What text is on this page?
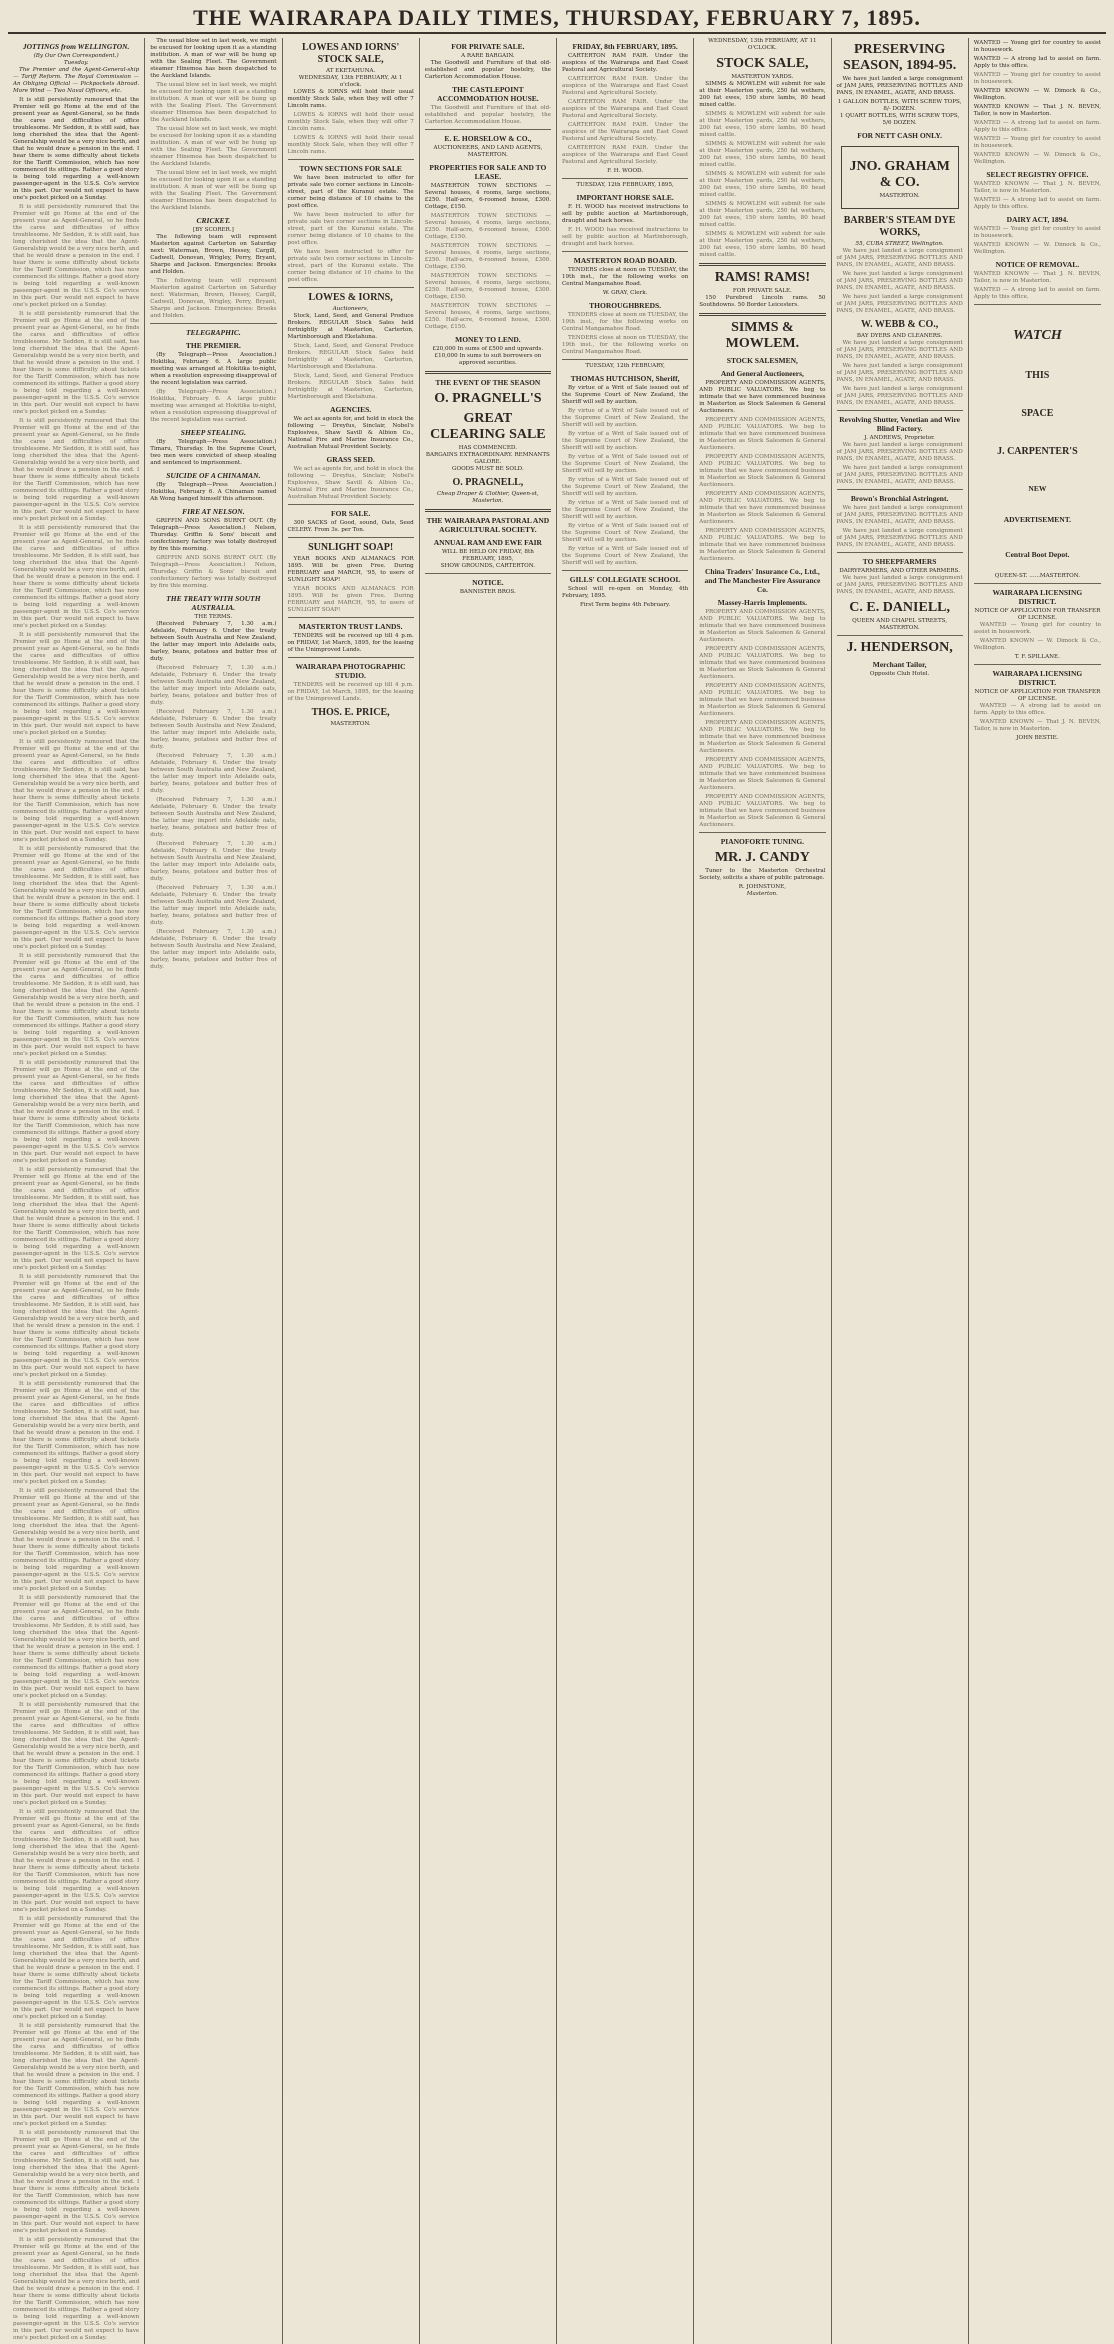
THE WAIRARAPA DAILY TIMES, THURSDAY, FEBRUARY 7, 1895.
JOTTINGS from WELLINGTON.
(By Our Own Correspondent.)
Tuesday.

The Premier and the Agent-General-ship — Tariff Reform. The Royal Commission — An Obliging Official — Pickpockets Abroad. More Wind — Two Naval Officers, etc.

It is still persistently rumoured that the Premier will go Home at the end of the present year as Agent-General, so he finds the cares and difficulties of office troublesome. Mr Seddon, it is still said, has long cherished the idea that the Agent-Generalship would be a very nice berth, and that he would draw a pension in the end. I hear there is some difficulty about tickets for the Tariff Commission, which has now commenced its sittings. Rather a good story is being told regarding a well-known passenger-agent in the U.S.S. Co's service in this part. Our would not expect to have one's pocket picked on a Sunday.

It is still persistently rumoured that the Premier will go Home at the end of the present year as Agent-General, so he finds the cares and difficulties of office troublesome. Mr Seddon, it is still said, has long cherished the idea that the Agent-Generalship would be a very nice berth, and that he would draw a pension in the end. I hear there is some difficulty about tickets for the Tariff Commission, which has now commenced its sittings. Rather a good story is being told regarding a well-known passenger-agent in the U.S.S. Co's service in this part. Our would not expect to have one's pocket picked on a Sunday.

It is still persistently rumoured that the Premier will go Home at the end of the present year as Agent-General, so he finds the cares and difficulties of office troublesome. Mr Seddon, it is still said, has long cherished the idea that the Agent-Generalship would be a very nice berth, and that he would draw a pension in the end. I hear there is some difficulty about tickets for the Tariff Commission, which has now commenced its sittings. Rather a good story is being told regarding a well-known passenger-agent in the U.S.S. Co's service in this part. Our would not expect to have one's pocket picked on a Sunday.

It is still persistently rumoured that the Premier will go Home at the end of the present year as Agent-General, so he finds the cares and difficulties of office troublesome. Mr Seddon, it is still said, has long cherished the idea that the Agent-Generalship would be a very nice berth, and that he would draw a pension in the end. I hear there is some difficulty about tickets for the Tariff Commission, which has now commenced its sittings. Rather a good story is being told regarding a well-known passenger-agent in the U.S.S. Co's service in this part. Our would not expect to have one's pocket picked on a Sunday.

It is still persistently rumoured that the Premier will go Home at the end of the present year as Agent-General, so he finds the cares and difficulties of office troublesome. Mr Seddon, it is still said, has long cherished the idea that the Agent-Generalship would be a very nice berth, and that he would draw a pension in the end. I hear there is some difficulty about tickets for the Tariff Commission, which has now commenced its sittings. Rather a good story is being told regarding a well-known passenger-agent in the U.S.S. Co's service in this part. Our would not expect to have one's pocket picked on a Sunday.

It is still persistently rumoured that the Premier will go Home at the end of the present year as Agent-General, so he finds the cares and difficulties of office troublesome. Mr Seddon, it is still said, has long cherished the idea that the Agent-Generalship would be a very nice berth, and that he would draw a pension in the end. I hear there is some difficulty about tickets for the Tariff Commission, which has now commenced its sittings. Rather a good story is being told regarding a well-known passenger-agent in the U.S.S. Co's service in this part. Our would not expect to have one's pocket picked on a Sunday.

It is still persistently rumoured that the Premier will go Home at the end of the present year as Agent-General, so he finds the cares and difficulties of office troublesome. Mr Seddon, it is still said, has long cherished the idea that the Agent-Generalship would be a very nice berth, and that he would draw a pension in the end. I hear there is some difficulty about tickets for the Tariff Commission, which has now commenced its sittings. Rather a good story is being told regarding a well-known passenger-agent in the U.S.S. Co's service in this part. Our would not expect to have one's pocket picked on a Sunday.

It is still persistently rumoured that the Premier will go Home at the end of the present year as Agent-General, so he finds the cares and difficulties of office troublesome. Mr Seddon, it is still said, has long cherished the idea that the Agent-Generalship would be a very nice berth, and that he would draw a pension in the end. I hear there is some difficulty about tickets for the Tariff Commission, which has now commenced its sittings. Rather a good story is being told regarding a well-known passenger-agent in the U.S.S. Co's service in this part. Our would not expect to have one's pocket picked on a Sunday.

It is still persistently rumoured that the Premier will go Home at the end of the present year as Agent-General, so he finds the cares and difficulties of office troublesome. Mr Seddon, it is still said, has long cherished the idea that the Agent-Generalship would be a very nice berth, and that he would draw a pension in the end. I hear there is some difficulty about tickets for the Tariff Commission, which has now commenced its sittings. Rather a good story is being told regarding a well-known passenger-agent in the U.S.S. Co's service in this part. Our would not expect to have one's pocket picked on a Sunday.

It is still persistently rumoured that the Premier will go Home at the end of the present year as Agent-General, so he finds the cares and difficulties of office troublesome. Mr Seddon, it is still said, has long cherished the idea that the Agent-Generalship would be a very nice berth, and that he would draw a pension in the end. I hear there is some difficulty about tickets for the Tariff Commission, which has now commenced its sittings. Rather a good story is being told regarding a well-known passenger-agent in the U.S.S. Co's service in this part. Our would not expect to have one's pocket picked on a Sunday.

It is still persistently rumoured that the Premier will go Home at the end of the present year as Agent-General, so he finds the cares and difficulties of office troublesome. Mr Seddon, it is still said, has long cherished the idea that the Agent-Generalship would be a very nice berth, and that he would draw a pension in the end. I hear there is some difficulty about tickets for the Tariff Commission, which has now commenced its sittings. Rather a good story is being told regarding a well-known passenger-agent in the U.S.S. Co's service in this part. Our would not expect to have one's pocket picked on a Sunday.

It is still persistently rumoured that the Premier will go Home at the end of the present year as Agent-General, so he finds the cares and difficulties of office troublesome. Mr Seddon, it is still said, has long cherished the idea that the Agent-Generalship would be a very nice berth, and that he would draw a pension in the end. I hear there is some difficulty about tickets for the Tariff Commission, which has now commenced its sittings. Rather a good story is being told regarding a well-known passenger-agent in the U.S.S. Co's service in this part. Our would not expect to have one's pocket picked on a Sunday.

It is still persistently rumoured that the Premier will go Home at the end of the present year as Agent-General, so he finds the cares and difficulties of office troublesome. Mr Seddon, it is still said, has long cherished the idea that the Agent-Generalship would be a very nice berth, and that he would draw a pension in the end. I hear there is some difficulty about tickets for the Tariff Commission, which has now commenced its sittings. Rather a good story is being told regarding a well-known passenger-agent in the U.S.S. Co's service in this part. Our would not expect to have one's pocket picked on a Sunday.

It is still persistently rumoured that the Premier will go Home at the end of the present year as Agent-General, so he finds the cares and difficulties of office troublesome. Mr Seddon, it is still said, has long cherished the idea that the Agent-Generalship would be a very nice berth, and that he would draw a pension in the end. I hear there is some difficulty about tickets for the Tariff Commission, which has now commenced its sittings. Rather a good story is being told regarding a well-known passenger-agent in the U.S.S. Co's service in this part. Our would not expect to have one's pocket picked on a Sunday.

It is still persistently rumoured that the Premier will go Home at the end of the present year as Agent-General, so he finds the cares and difficulties of office troublesome. Mr Seddon, it is still said, has long cherished the idea that the Agent-Generalship would be a very nice berth, and that he would draw a pension in the end. I hear there is some difficulty about tickets for the Tariff Commission, which has now commenced its sittings. Rather a good story is being told regarding a well-known passenger-agent in the U.S.S. Co's service in this part. Our would not expect to have one's pocket picked on a Sunday.

It is still persistently rumoured that the Premier will go Home at the end of the present year as Agent-General, so he finds the cares and difficulties of office troublesome. Mr Seddon, it is still said, has long cherished the idea that the Agent-Generalship would be a very nice berth, and that he would draw a pension in the end. I hear there is some difficulty about tickets for the Tariff Commission, which has now commenced its sittings. Rather a good story is being told regarding a well-known passenger-agent in the U.S.S. Co's service in this part. Our would not expect to have one's pocket picked on a Sunday.

It is still persistently rumoured that the Premier will go Home at the end of the present year as Agent-General, so he finds the cares and difficulties of office troublesome. Mr Seddon, it is still said, has long cherished the idea that the Agent-Generalship would be a very nice berth, and that he would draw a pension in the end. I hear there is some difficulty about tickets for the Tariff Commission, which has now commenced its sittings. Rather a good story is being told regarding a well-known passenger-agent in the U.S.S. Co's service in this part. Our would not expect to have one's pocket picked on a Sunday.

It is still persistently rumoured that the Premier will go Home at the end of the present year as Agent-General, so he finds the cares and difficulties of office troublesome. Mr Seddon, it is still said, has long cherished the idea that the Agent-Generalship would be a very nice berth, and that he would draw a pension in the end. I hear there is some difficulty about tickets for the Tariff Commission, which has now commenced its sittings. Rather a good story is being told regarding a well-known passenger-agent in the U.S.S. Co's service in this part. Our would not expect to have one's pocket picked on a Sunday.

It is still persistently rumoured that the Premier will go Home at the end of the present year as Agent-General, so he finds the cares and difficulties of office troublesome. Mr Seddon, it is still said, has long cherished the idea that the Agent-Generalship would be a very nice berth, and that he would draw a pension in the end. I hear there is some difficulty about tickets for the Tariff Commission, which has now commenced its sittings. Rather a good story is being told regarding a well-known passenger-agent in the U.S.S. Co's service in this part. Our would not expect to have one's pocket picked on a Sunday.

It is still persistently rumoured that the Premier will go Home at the end of the present year as Agent-General, so he finds the cares and difficulties of office troublesome. Mr Seddon, it is still said, has long cherished the idea that the Agent-Generalship would be a very nice berth, and that he would draw a pension in the end. I hear there is some difficulty about tickets for the Tariff Commission, which has now commenced its sittings. Rather a good story is being told regarding a well-known passenger-agent in the U.S.S. Co's service in this part. Our would not expect to have one's pocket picked on a Sunday.

It is still persistently rumoured that the Premier will go Home at the end of the present year as Agent-General, so he finds the cares and difficulties of office troublesome. Mr Seddon, it is still said, has long cherished the idea that the Agent-Generalship would be a very nice berth, and that he would draw a pension in the end. I hear there is some difficulty about tickets for the Tariff Commission, which has now commenced its sittings. Rather a good story is being told regarding a well-known passenger-agent in the U.S.S. Co's service in this part. Our would not expect to have one's pocket picked on a Sunday.

The usual blow set in last week, we might be excused for looking upon it as a standing institution. A man of war will be hung up with the Sealing Fleet. The Government steamer Hinemoa has been despatched to the Auckland Islands.

The usual blow set in last week, we might be excused for looking upon it as a standing institution. A man of war will be hung up with the Sealing Fleet. The Government steamer Hinemoa has been despatched to the Auckland Islands.

The usual blow set in last week, we might be excused for looking upon it as a standing institution. A man of war will be hung up with the Sealing Fleet. The Government steamer Hinemoa has been despatched to the Auckland Islands.

The usual blow set in last week, we might be excused for looking upon it as a standing institution. A man of war will be hung up with the Sealing Fleet. The Government steamer Hinemoa has been despatched to the Auckland Islands.

CRICKET.
[BY SCORER.]

The following team will represent Masterton against Carterton on Saturday next: Waterman, Brown, Hessey, Cargill, Cadwell, Donovan, Wrigley, Perry, Bryant, Sharpe and Jackson. Emergencies: Brooks and Holden.

The following team will represent Masterton against Carterton on Saturday next: Waterman, Brown, Hessey, Cargill, Cadwell, Donovan, Wrigley, Perry, Bryant, Sharpe and Jackson. Emergencies: Brooks and Holden.

TELEGRAPHIC.
THE PREMIER.

(By Telegraph—Press Association.) Hokitika, February 6. A large public meeting was arranged at Hokitika to-night, when a resolution expressing disapproval of the recent legislation was carried.

(By Telegraph—Press Association.) Hokitika, February 6. A large public meeting was arranged at Hokitika to-night, when a resolution expressing disapproval of the recent legislation was carried.

SHEEP STEALING.

(By Telegraph—Press Association.) Timaru, Thursday. In the Supreme Court, two men were convicted of sheep stealing and sentenced to imprisonment.

SUICIDE OF A CHINAMAN.

(By Telegraph—Press Association.) Hokitika, February 6. A Chinaman named Ah Wong hanged himself this afternoon.

FIRE AT NELSON.

GRIFFIN AND SONS BURNT OUT. (By Telegraph—Press Association.) Nelson, Thursday. Griffin & Sons' biscuit and confectionery factory was totally destroyed by fire this morning.

GRIFFIN AND SONS BURNT OUT. (By Telegraph—Press Association.) Nelson, Thursday. Griffin & Sons' biscuit and confectionery factory was totally destroyed by fire this morning.

THE TREATY WITH SOUTH AUSTRALIA.
THE TERMS.

(Received February 7, 1.30 a.m.) Adelaide, February 6. Under the treaty between South Australia and New Zealand, the latter may import into Adelaide oats, barley, beans, potatoes and butter free of duty.

(Received February 7, 1.30 a.m.) Adelaide, February 6. Under the treaty between South Australia and New Zealand, the latter may import into Adelaide oats, barley, beans, potatoes and butter free of duty.

(Received February 7, 1.30 a.m.) Adelaide, February 6. Under the treaty between South Australia and New Zealand, the latter may import into Adelaide oats, barley, beans, potatoes and butter free of duty.

(Received February 7, 1.30 a.m.) Adelaide, February 6. Under the treaty between South Australia and New Zealand, the latter may import into Adelaide oats, barley, beans, potatoes and butter free of duty.

(Received February 7, 1.30 a.m.) Adelaide, February 6. Under the treaty between South Australia and New Zealand, the latter may import into Adelaide oats, barley, beans, potatoes and butter free of duty.

(Received February 7, 1.30 a.m.) Adelaide, February 6. Under the treaty between South Australia and New Zealand, the latter may import into Adelaide oats, barley, beans, potatoes and butter free of duty.

(Received February 7, 1.30 a.m.) Adelaide, February 6. Under the treaty between South Australia and New Zealand, the latter may import into Adelaide oats, barley, beans, potatoes and butter free of duty.

(Received February 7, 1.30 a.m.) Adelaide, February 6. Under the treaty between South Australia and New Zealand, the latter may import into Adelaide oats, barley, beans, potatoes and butter free of duty.

LOWES AND IORNS' STOCK SALE,
AT EKETAHUNA.
WEDNESDAY, 13th FEBRUARY, At 1 o'clock.

LOWES & IORNS will hold their usual monthly Stock Sale, when they will offer 7 Lincoln rams.

LOWES & IORNS will hold their usual monthly Stock Sale, when they will offer 7 Lincoln rams.

LOWES & IORNS will hold their usual monthly Stock Sale, when they will offer 7 Lincoln rams.

TOWN SECTIONS FOR SALE

We have been instructed to offer for private sale two corner sections in Lincoln-street, part of the Kuranui estate. The corner being distance of 10 chains to the post office.

We have been instructed to offer for private sale two corner sections in Lincoln-street, part of the Kuranui estate. The corner being distance of 10 chains to the post office.

We have been instructed to offer for private sale two corner sections in Lincoln-street, part of the Kuranui estate. The corner being distance of 10 chains to the post office.

LOWES & IORNS,
Auctioneers,

Stock, Land, Seed, and General Produce Brokers. REGULAR Stock Sales held fortnightly at Masterton, Carterton, Martinborough and Eketahuna.

Stock, Land, Seed, and General Produce Brokers. REGULAR Stock Sales held fortnightly at Masterton, Carterton, Martinborough and Eketahuna.

Stock, Land, Seed, and General Produce Brokers. REGULAR Stock Sales held fortnightly at Masterton, Carterton, Martinborough and Eketahuna.

AGENCIES.

We act as agents for, and hold in stock the following — Dreyfus, Sinclair, Nobel's Explosives, Shaw Savill & Albion Co., National Fire and Marine Insurance Co., Australian Mutual Provident Society.

GRASS SEED.

We act as agents for, and hold in stock the following — Dreyfus, Sinclair, Nobel's Explosives, Shaw Savill & Albion Co., National Fire and Marine Insurance Co., Australian Mutual Provident Society.

FOR SALE.

300 SACKS of Good, sound, Oats, Seed CELERY. From 3s. per Ton.

SUNLIGHT SOAP!

YEAR BOOKS AND ALMANACS FOR 1895. Will be given Free. During FEBRUARY and MARCH, '95, to users of SUNLIGHT SOAP!

YEAR BOOKS AND ALMANACS FOR 1895. Will be given Free. During FEBRUARY and MARCH, '95, to users of SUNLIGHT SOAP!

MASTERTON TRUST LANDS.

TENDERS will be received up till 4 p.m. on FRIDAY, 1st March, 1895, for the leasing of the Unimproved Lands.

WAIRARAPA PHOTOGRAPHIC STUDIO.

TENDERS will be received up till 4 p.m. on FRIDAY, 1st March, 1895, for the leasing of the Unimproved Lands.

THOS. E. PRICE,
MASTERTON.
FOR PRIVATE SALE.
A RARE BARGAIN.

The Goodwill and Furniture of that old-established and popular hostelry, the Carterton Accommodation House.

THE CASTLEPOINT ACCOMMODATION HOUSE.

The Goodwill and Furniture of that old-established and popular hostelry, the Carterton Accommodation House.

E. E. HORSELOW & CO.,
AUCTIONEERS, AND LAND AGENTS,
MASTERTON.
PROPERTIES FOR SALE AND TO LEASE.

MASTERTON TOWN SECTIONS — Several houses, 4 rooms, large sections, £250. Half-acre, 6-roomed house, £300. Cottage, £150.

MASTERTON TOWN SECTIONS — Several houses, 4 rooms, large sections, £250. Half-acre, 6-roomed house, £300. Cottage, £150.

MASTERTON TOWN SECTIONS — Several houses, 4 rooms, large sections, £250. Half-acre, 6-roomed house, £300. Cottage, £150.

MASTERTON TOWN SECTIONS — Several houses, 4 rooms, large sections, £250. Half-acre, 6-roomed house, £300. Cottage, £150.

MASTERTON TOWN SECTIONS — Several houses, 4 rooms, large sections, £250. Half-acre, 6-roomed house, £300. Cottage, £150.

MONEY TO LEND.
£20,000 In sums of £500 and upwards.
£10,000 In sums to suit borrowers on approved securities.
THE EVENT OF THE SEASON
O. PRAGNELL'S
GREAT CLEARING SALE
HAS COMMENCED.
BARGAINS EXTRAORDINARY. REMNANTS GALORE.
GOODS MUST BE SOLD.
O. PRAGNELL,
Cheap Draper & Clothier, Queen-st, Masterton.
THE WAIRARAPA PASTORAL AND AGRICULTURAL SOCIETY.
ANNUAL RAM AND EWE FAIR
WILL BE HELD ON FRIDAY, 8th FEBRUARY, 1895,
SHOW GROUNDS, CARTERTON.
NOTICE.
BANNISTER BROS.
FRIDAY, 8th FEBRUARY, 1895.

CARTERTON RAM FAIR. Under the auspices of the Wairarapa and East Coast Pastoral and Agricultural Society.

CARTERTON RAM FAIR. Under the auspices of the Wairarapa and East Coast Pastoral and Agricultural Society.

CARTERTON RAM FAIR. Under the auspices of the Wairarapa and East Coast Pastoral and Agricultural Society.

CARTERTON RAM FAIR. Under the auspices of the Wairarapa and East Coast Pastoral and Agricultural Society.

CARTERTON RAM FAIR. Under the auspices of the Wairarapa and East Coast Pastoral and Agricultural Society.

F. H. WOOD.
TUESDAY, 12th FEBRUARY, 1895,
IMPORTANT HORSE SALE.

F. H. WOOD has received instructions to sell by public auction at Martinborough, draught and hack horses.

F. H. WOOD has received instructions to sell by public auction at Martinborough, draught and hack horses.

MASTERTON ROAD BOARD.

TENDERS close at noon on TUESDAY, the 19th inst., for the following works on Central Mangamahoe Road.

W. GRAY, Clerk.
THOROUGHBREDS.

TENDERS close at noon on TUESDAY, the 19th inst., for the following works on Central Mangamahoe Road.

TENDERS close at noon on TUESDAY, the 19th inst., for the following works on Central Mangamahoe Road.

TUESDAY, 12th FEBRUARY,
THOMAS HUTCHISON, Sheriff,

By virtue of a Writ of Sale issued out of the Supreme Court of New Zealand, the Sheriff will sell by auction.

By virtue of a Writ of Sale issued out of the Supreme Court of New Zealand, the Sheriff will sell by auction.

By virtue of a Writ of Sale issued out of the Supreme Court of New Zealand, the Sheriff will sell by auction.

By virtue of a Writ of Sale issued out of the Supreme Court of New Zealand, the Sheriff will sell by auction.

By virtue of a Writ of Sale issued out of the Supreme Court of New Zealand, the Sheriff will sell by auction.

By virtue of a Writ of Sale issued out of the Supreme Court of New Zealand, the Sheriff will sell by auction.

By virtue of a Writ of Sale issued out of the Supreme Court of New Zealand, the Sheriff will sell by auction.

By virtue of a Writ of Sale issued out of the Supreme Court of New Zealand, the Sheriff will sell by auction.

GILLS' COLLEGIATE SCHOOL

School will re-open on Monday, 4th February, 1895.

First Term begins 4th February.
WEDNESDAY, 13th FEBRUARY, AT 11 O'CLOCK.
STOCK SALE,
MASTERTON YARDS.

SIMMS & MOWLEM will submit for sale at their Masterton yards, 250 fat wethers, 200 fat ewes, 150 store lambs, 80 head mixed cattle.

SIMMS & MOWLEM will submit for sale at their Masterton yards, 250 fat wethers, 200 fat ewes, 150 store lambs, 80 head mixed cattle.

SIMMS & MOWLEM will submit for sale at their Masterton yards, 250 fat wethers, 200 fat ewes, 150 store lambs, 80 head mixed cattle.

SIMMS & MOWLEM will submit for sale at their Masterton yards, 250 fat wethers, 200 fat ewes, 150 store lambs, 80 head mixed cattle.

SIMMS & MOWLEM will submit for sale at their Masterton yards, 250 fat wethers, 200 fat ewes, 150 store lambs, 80 head mixed cattle.

SIMMS & MOWLEM will submit for sale at their Masterton yards, 250 fat wethers, 200 fat ewes, 150 store lambs, 80 head mixed cattle.

RAMS! RAMS!
FOR PRIVATE SALE.

150 Purebred Lincoln rams. 50 Southdowns. 50 Border Leicesters.

SIMMS & MOWLEM.
STOCK SALESMEN,
And General Auctioneers,

PROPERTY AND COMMISSION AGENTS, AND PUBLIC VALUATORS. We beg to intimate that we have commenced business in Masterton as Stock Salesmen & General Auctioneers.

PROPERTY AND COMMISSION AGENTS, AND PUBLIC VALUATORS. We beg to intimate that we have commenced business in Masterton as Stock Salesmen & General Auctioneers.

PROPERTY AND COMMISSION AGENTS, AND PUBLIC VALUATORS. We beg to intimate that we have commenced business in Masterton as Stock Salesmen & General Auctioneers.

PROPERTY AND COMMISSION AGENTS, AND PUBLIC VALUATORS. We beg to intimate that we have commenced business in Masterton as Stock Salesmen & General Auctioneers.

PROPERTY AND COMMISSION AGENTS, AND PUBLIC VALUATORS. We beg to intimate that we have commenced business in Masterton as Stock Salesmen & General Auctioneers.

China Traders' Insurance Co., Ltd., and The Manchester Fire Assurance Co.
Massey-Harris Implements.

PROPERTY AND COMMISSION AGENTS, AND PUBLIC VALUATORS. We beg to intimate that we have commenced business in Masterton as Stock Salesmen & General Auctioneers.

PROPERTY AND COMMISSION AGENTS, AND PUBLIC VALUATORS. We beg to intimate that we have commenced business in Masterton as Stock Salesmen & General Auctioneers.

PROPERTY AND COMMISSION AGENTS, AND PUBLIC VALUATORS. We beg to intimate that we have commenced business in Masterton as Stock Salesmen & General Auctioneers.

PROPERTY AND COMMISSION AGENTS, AND PUBLIC VALUATORS. We beg to intimate that we have commenced business in Masterton as Stock Salesmen & General Auctioneers.

PROPERTY AND COMMISSION AGENTS, AND PUBLIC VALUATORS. We beg to intimate that we have commenced business in Masterton as Stock Salesmen & General Auctioneers.

PROPERTY AND COMMISSION AGENTS, AND PUBLIC VALUATORS. We beg to intimate that we have commenced business in Masterton as Stock Salesmen & General Auctioneers.

PIANOFORTE TUNING.
MR. J. CANDY

Tuner to the Masterton Orchestral Society, solicits a share of public patronage.

R. JOHNSTONE,
Masterton.
PRESERVING SEASON, 1894-95.

We have just landed a large consignment of JAM JARS, PRESERVING BOTTLES AND PANS, IN ENAMEL, AGATE, AND BRASS.

1 GALLON BOTTLES, WITH SCREW TOPS, 8/- DOZEN.
1 QUART BOTTLES, WITH SCREW TOPS, 5/6 DOZEN.
FOR NETT CASH ONLY.
JNO. GRAHAM & CO.
MASTERTON.
BARBER'S STEAM DYE WORKS,
55, CUBA STREET, Wellington.

We have just landed a large consignment of JAM JARS, PRESERVING BOTTLES AND PANS, IN ENAMEL, AGATE, AND BRASS.

We have just landed a large consignment of JAM JARS, PRESERVING BOTTLES AND PANS, IN ENAMEL, AGATE, AND BRASS.

We have just landed a large consignment of JAM JARS, PRESERVING BOTTLES AND PANS, IN ENAMEL, AGATE, AND BRASS.

W. WEBB & CO.,
BAY DYERS AND CLEANERS.

We have just landed a large consignment of JAM JARS, PRESERVING BOTTLES AND PANS, IN ENAMEL, AGATE, AND BRASS.

We have just landed a large consignment of JAM JARS, PRESERVING BOTTLES AND PANS, IN ENAMEL, AGATE, AND BRASS.

We have just landed a large consignment of JAM JARS, PRESERVING BOTTLES AND PANS, IN ENAMEL, AGATE, AND BRASS.

Revolving Shutter, Venetian and Wire Blind Factory.
J. ANDREWS, Proprietor.

We have just landed a large consignment of JAM JARS, PRESERVING BOTTLES AND PANS, IN ENAMEL, AGATE, AND BRASS.

We have just landed a large consignment of JAM JARS, PRESERVING BOTTLES AND PANS, IN ENAMEL, AGATE, AND BRASS.

Brown's Bronchial Astringent.

We have just landed a large consignment of JAM JARS, PRESERVING BOTTLES AND PANS, IN ENAMEL, AGATE, AND BRASS.

We have just landed a large consignment of JAM JARS, PRESERVING BOTTLES AND PANS, IN ENAMEL, AGATE, AND BRASS.

TO SHEEPFARMERS
DAIRYFARMERS, AND OTHER PARMERS.

We have just landed a large consignment of JAM JARS, PRESERVING BOTTLES AND PANS, IN ENAMEL, AGATE, AND BRASS.

C. E. DANIELL,
QUEEN AND CHAPEL STREETS, MASTERTON.
J. HENDERSON,
Merchant Tailor,
Opposite Club Hotel.

WANTED — Young girl for country to assist in housework.

WANTED — A strong lad to assist on farm. Apply to this office.

WANTED — Young girl for country to assist in housework.

WANTED KNOWN — W. Dimock & Co., Wellington.

WANTED KNOWN — That J. N. BEVEN, Tailor, is now in Masterton.

WANTED — A strong lad to assist on farm. Apply to this office.

WANTED — Young girl for country to assist in housework.

WANTED KNOWN — W. Dimock & Co., Wellington.

SELECT REGISTRY OFFICE.

WANTED KNOWN — That J. N. BEVEN, Tailor, is now in Masterton.

WANTED — A strong lad to assist on farm. Apply to this office.

DAIRY ACT, 1894.

WANTED — Young girl for country to assist in housework.

WANTED KNOWN — W. Dimock & Co., Wellington.

NOTICE OF REMOVAL.

WANTED KNOWN — That J. N. BEVEN, Tailor, is now in Masterton.

WANTED — A strong lad to assist on farm. Apply to this office.

WATCH
THIS
SPACE
J. CARPENTER'S
NEW
ADVERTISEMENT.
Central Boot Depot.
QUEEN-ST. ......MASTERTON.
WAIRARAPA LICENSING DISTRICT.
NOTICE OF APPLICATION FOR TRANSFER OF LICENSE.

WANTED — Young girl for country to assist in housework.

WANTED KNOWN — W. Dimock & Co., Wellington.

T. F. SPILLANE.
WAIRARAPA LICENSING DISTRICT.
NOTICE OF APPLICATION FOR TRANSFER OF LICENSE.

WANTED — A strong lad to assist on farm. Apply to this office.

WANTED KNOWN — That J. N. BEVEN, Tailor, is now in Masterton.

JOHN BESTIE.
